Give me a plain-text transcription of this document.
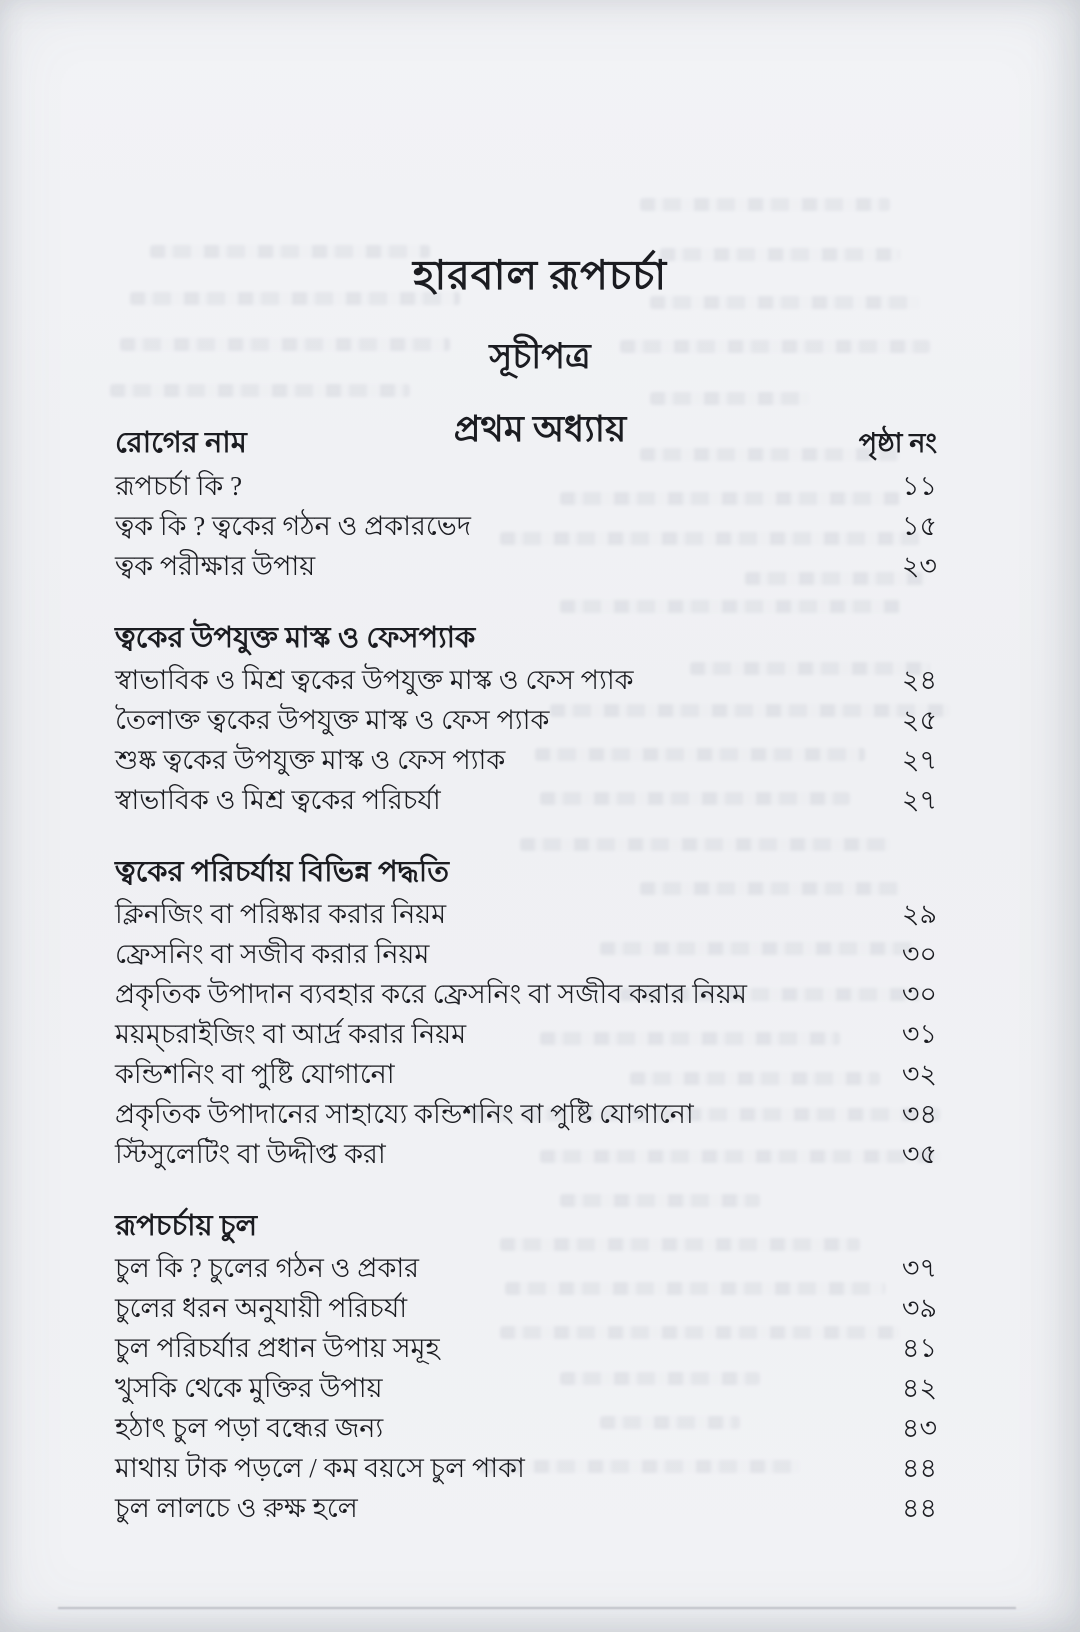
হারবাল রূপচর্চা
সূচীপত্র
প্রথম অধ্যায়
রোগের নাম	পৃষ্ঠা নং
রূপচর্চা কি ?	১১
ত্বক কি ? ত্বকের গঠন ও প্রকারভেদ	১৫
ত্বক পরীক্ষার উপায়	২৩
ত্বকের উপযুক্ত মাস্ক ও ফেসপ্যাক
স্বাভাবিক ও মিশ্র ত্বকের উপযুক্ত মাস্ক ও ফেস প্যাক	২৪
তৈলাক্ত ত্বকের উপযুক্ত মাস্ক ও ফেস প্যাক	২৫
শুষ্ক ত্বকের উপযুক্ত মাস্ক ও ফেস প্যাক	২৭
স্বাভাবিক ও মিশ্র ত্বকের পরিচর্যা	২৭
ত্বকের পরিচর্যায় বিভিন্ন পদ্ধতি
ক্লিনজিং বা পরিষ্কার করার নিয়ম	২৯
ফ্রেসনিং বা সজীব করার নিয়ম	৩০
প্রকৃতিক উপাদান ব্যবহার করে ফ্রেসনিং বা সজীব করার নিয়ম	৩০
ময়ম্চরাইজিং বা আর্দ্র করার নিয়ম	৩১
কন্ডিশনিং বা পুষ্টি যোগানো	৩২
প্রকৃতিক উপাদানের সাহায্যে কন্ডিশনিং বা পুষ্টি যোগানো	৩৪
স্টিসুলেটিং বা উদ্দীপ্ত করা	৩৫
রূপচর্চায় চুল
চুল কি ? চুলের গঠন ও প্রকার	৩৭
চুলের ধরন অনুযায়ী পরিচর্যা	৩৯
চুল পরিচর্যার প্রধান উপায় সমূহ	৪১
খুসকি থেকে মুক্তির উপায়	৪২
হঠাৎ চুল পড়া বন্ধের জন্য	৪৩
মাথায় টাক পড়লে / কম বয়সে চুল পাকা	৪৪
চুল লালচে ও রুক্ষ হলে	৪৪
